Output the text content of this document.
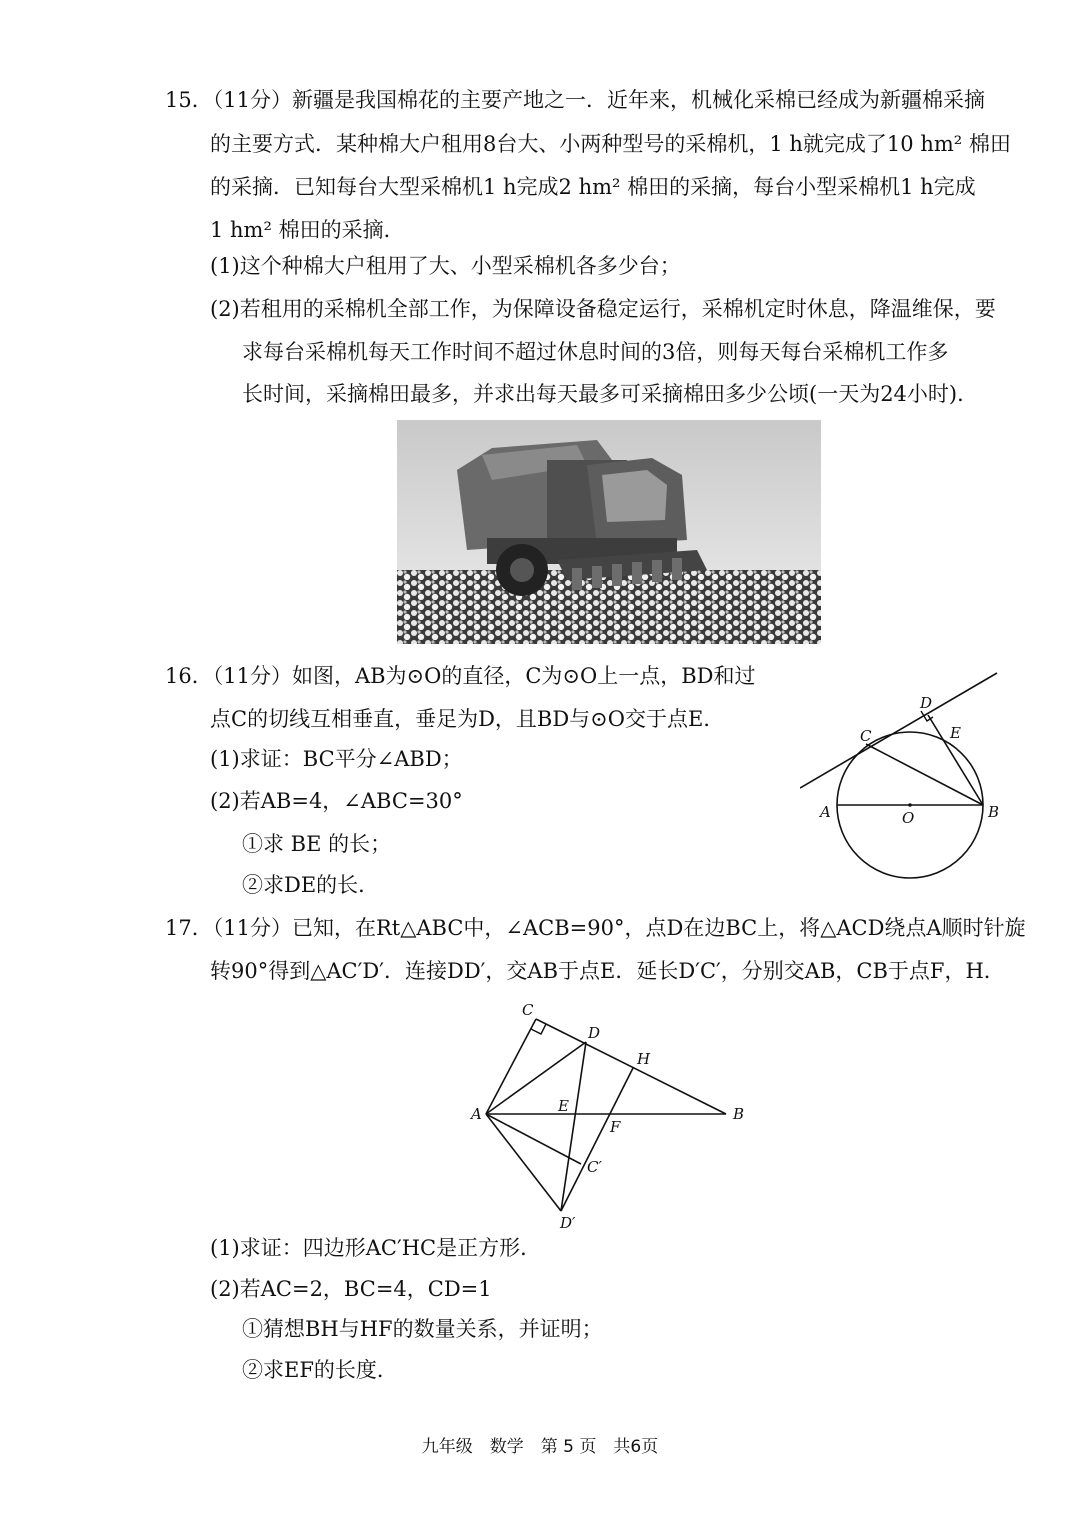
15．（11分）新疆是我国棉花的主要产地之一．近年来，机械化采棉已经成为新疆棉采摘
的主要方式．某种棉大户租用8台大、小两种型号的采棉机，1 h就完成了10 hm² 棉田
的采摘．已知每台大型采棉机1 h完成2 hm² 棉田的采摘，每台小型采棉机1 h完成
1 hm² 棉田的采摘．
(1)这个种棉大户租用了大、小型采棉机各多少台；
(2)若租用的采棉机全部工作，为保障设备稳定运行，采棉机定时休息，降温维保，要
求每台采棉机每天工作时间不超过休息时间的3倍，则每天每台采棉机工作多
长时间，采摘棉田最多，并求出每天最多可采摘棉田多少公顷(一天为24小时)．
16．（11分）如图，AB为⊙O的直径，C为⊙O上一点，BD和过
点C的切线互相垂直，垂足为D，且BD与⊙O交于点E．
(1)求证：BC平分∠ABD；
(2)若AB=4，∠ABC=30°
①求 BE 的长；
②求DE的长．
D
C	E
A	O	B
17．（11分）已知，在Rt△ABC中，∠ACB=90°，点D在边BC上，将△ACD绕点A顺时针旋
转90°得到△AC′D′．连接DD′，交AB于点E．延长D′C′，分别交AB，CB于点F，H．
C
D
H
A	E
F
B
C′
D′
(1)求证：四边形AC′HC是正方形．
(2)若AC=2，BC=4，CD=1
①猜想BH与HF的数量关系，并证明；
②求EF的长度．
九年级　数学　第 5 页　共6页
